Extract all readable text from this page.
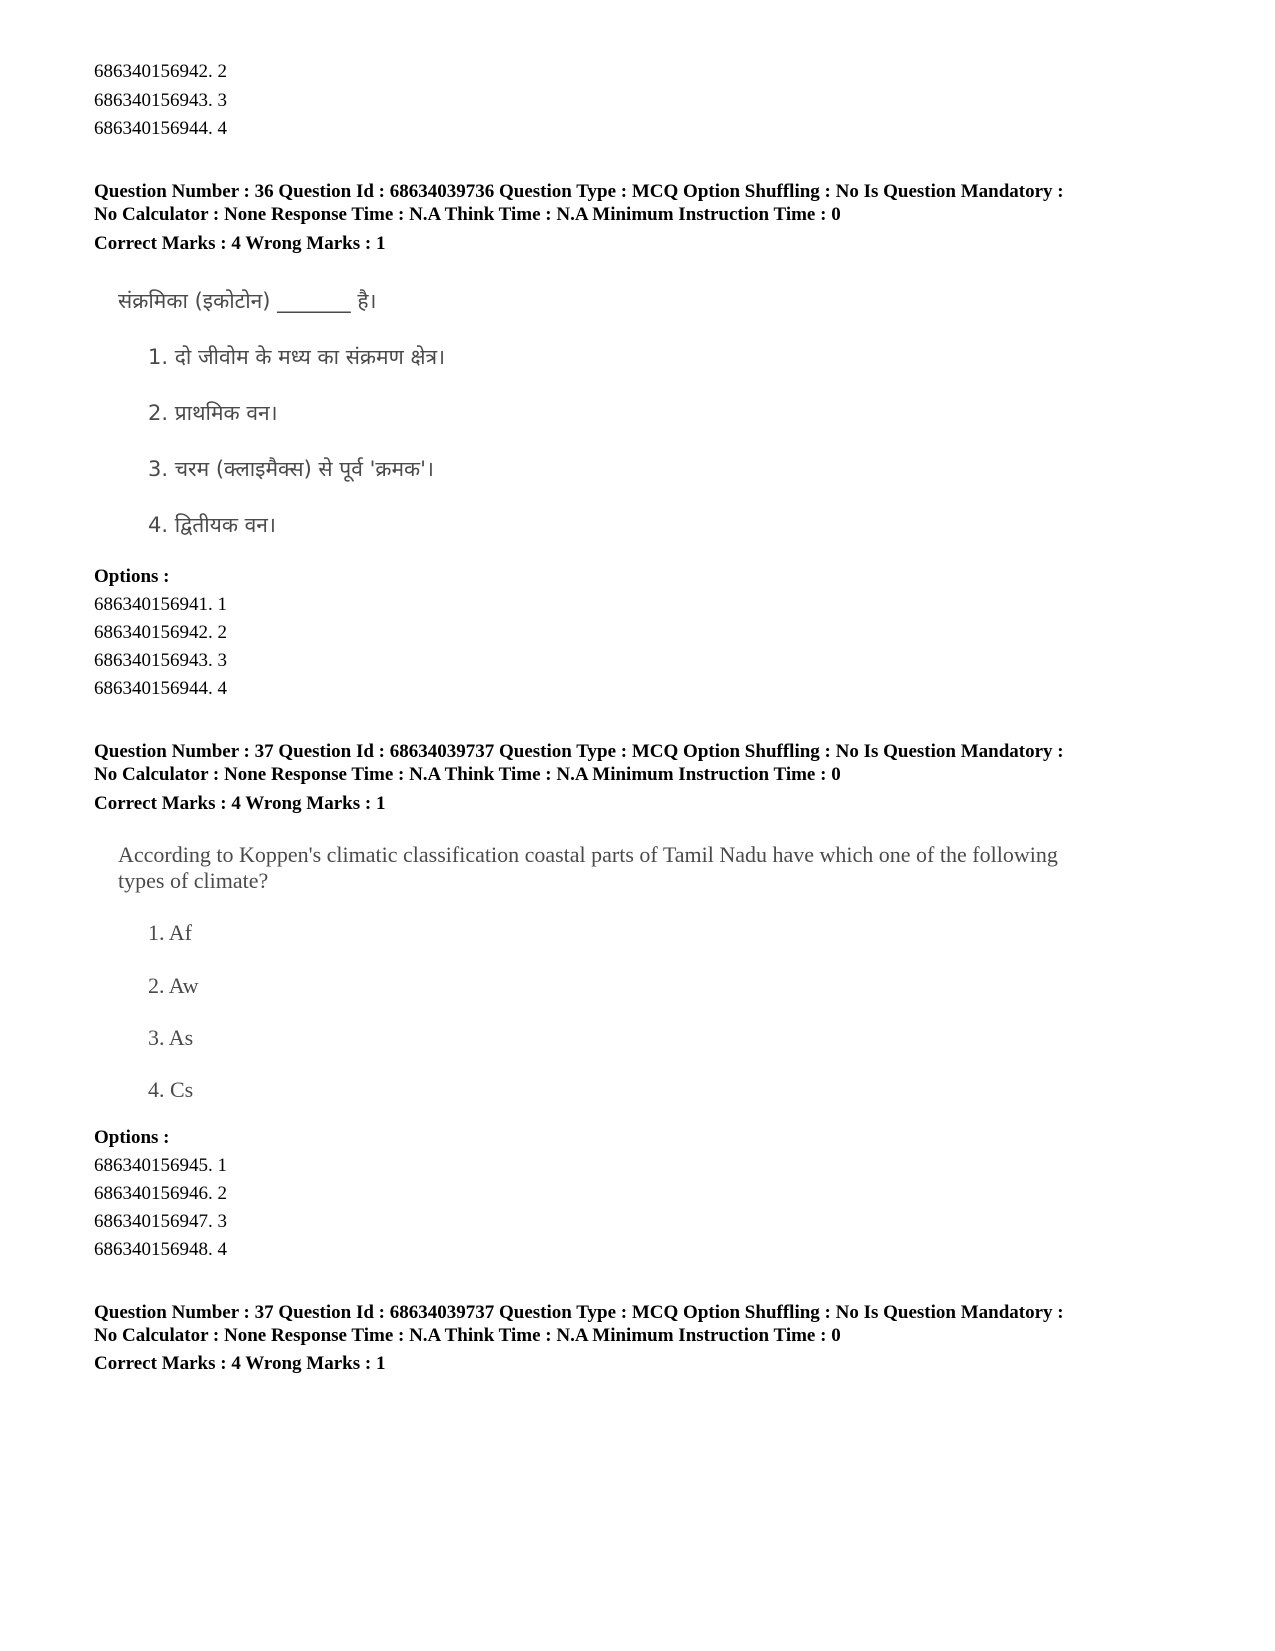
686340156942. 2
686340156943. 3
686340156944. 4
Question Number : 36 Question Id : 68634039736 Question Type : MCQ Option Shuffling : No Is Question Mandatory :
No Calculator : None Response Time : N.A Think Time : N.A Minimum Instruction Time : 0
Correct Marks : 4 Wrong Marks : 1
संक्रमिका (इकोटोन) _______ है।
1. दो जीवोम के मध्य का संक्रमण क्षेत्र।
2. प्राथमिक वन।
3. चरम (क्लाइमैक्स) से पूर्व 'क्रमक'।
4. द्वितीयक वन।
Options :
686340156941. 1
686340156942. 2
686340156943. 3
686340156944. 4
Question Number : 37 Question Id : 68634039737 Question Type : MCQ Option Shuffling : No Is Question Mandatory :
No Calculator : None Response Time : N.A Think Time : N.A Minimum Instruction Time : 0
Correct Marks : 4 Wrong Marks : 1
According to Koppen's climatic classification coastal parts of Tamil Nadu have which one of the following
types of climate?
1. Af
2. Aw
3. As
4. Cs
Options :
686340156945. 1
686340156946. 2
686340156947. 3
686340156948. 4
Question Number : 37 Question Id : 68634039737 Question Type : MCQ Option Shuffling : No Is Question Mandatory :
No Calculator : None Response Time : N.A Think Time : N.A Minimum Instruction Time : 0
Correct Marks : 4 Wrong Marks : 1
